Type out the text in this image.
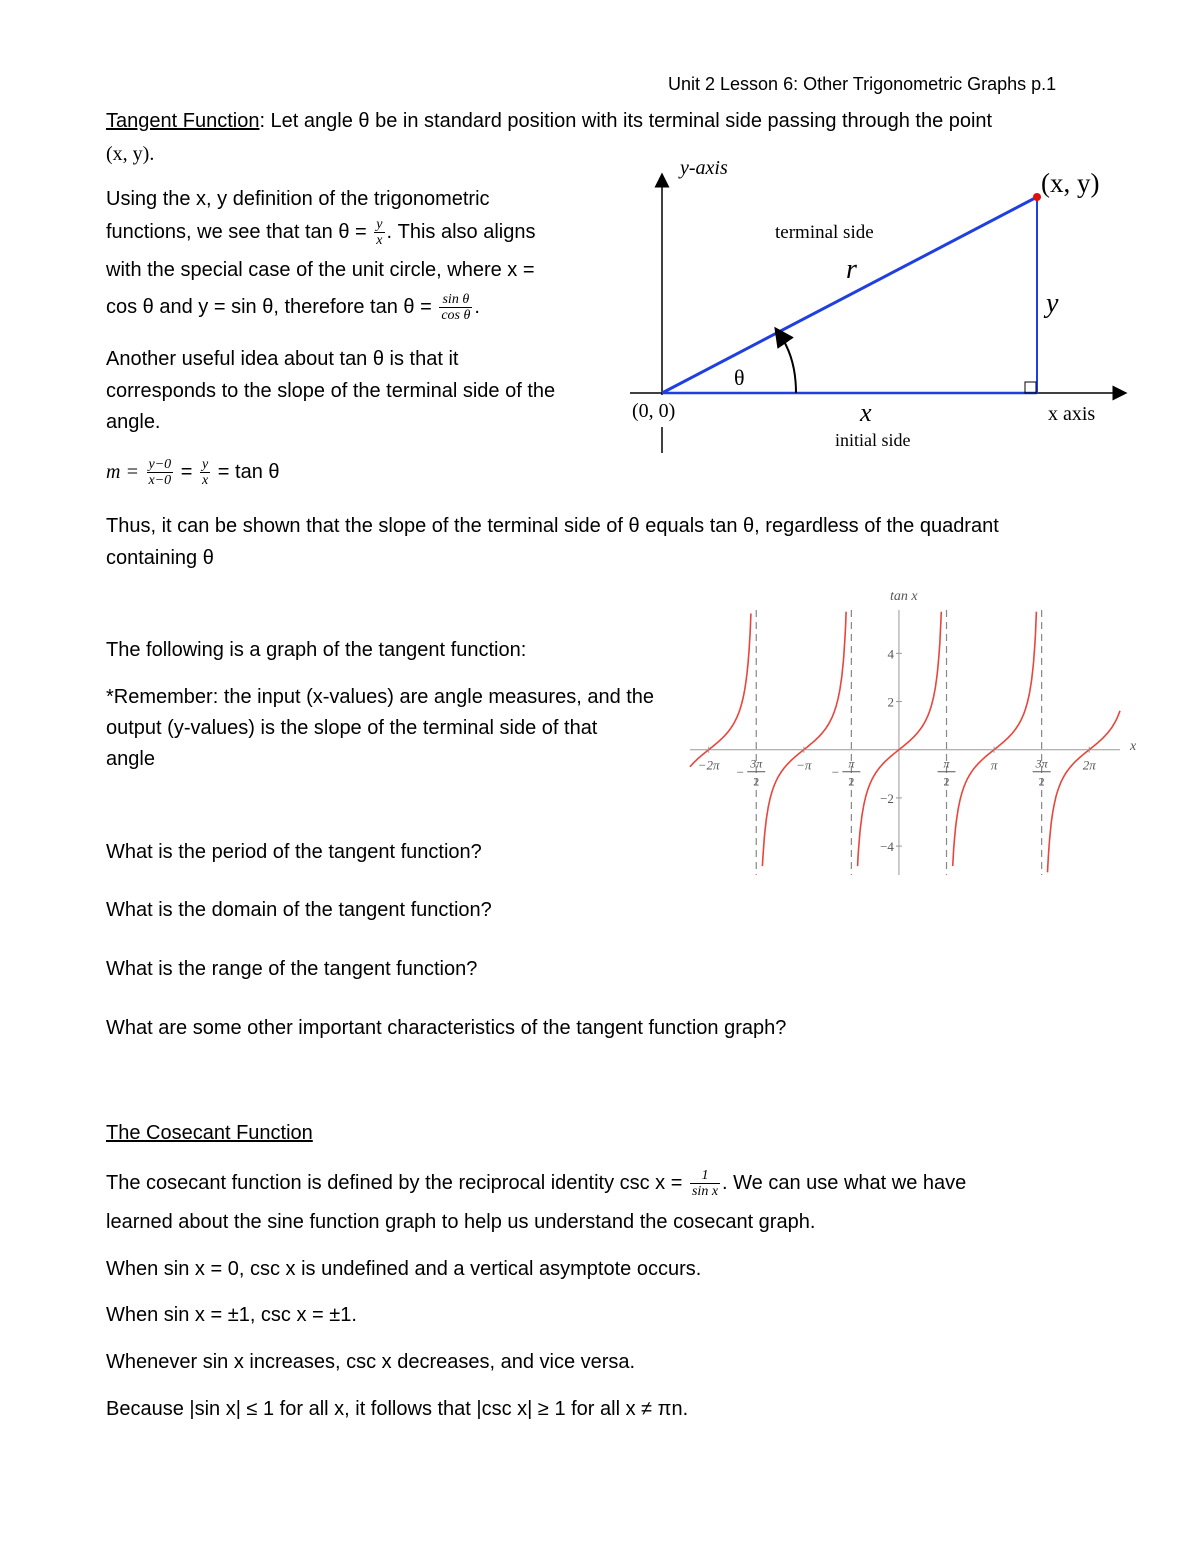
Unit 2 Lesson 6: Other Trigonometric Graphs p.1
Tangent Function: Let angle θ be in standard position with its terminal side passing through the point
(x, y).
Using the x, y definition of the trigonometric
functions, we see that $\tan \theta = \frac{y}{x}$ . This also aligns
with the special case of the unit circle, where x =
cos θ and y = sin θ, therefore $\tan \theta = \frac{\text{sin θ}}{\text{cos θ}}$ .
Another useful idea about tan θ is that it
corresponds to the slope of the terminal side of the
angle.
$m = \frac{y-0}{x-0} = \frac{y}{x} = \tan \theta$
Thus, it can be shown that the slope of the terminal side of θ equals tan θ, regardless of the quadrant
containing θ
y-axis	(x, y)
terminal side
r
y
θ
(0, 0)	x	x axis
initial side
The following is a graph of the tangent function:
*Remember: the input (x-values) are angle measures, and the
output (y-values) is the slope of the terminal side of that
angle
tan x
x
4
2
−2
−4
−2π	−π	π	2π
3π
2
−
π
2
−
π
2
3π
2
What is the period of the tangent function?
What is the domain of the tangent function?
What is the range of the tangent function?
What are some other important characteristics of the tangent function graph?
The Cosecant Function
The cosecant function is defined by the reciprocal identity $\csc x = \frac{1}{\text{sin x}}$ . We can use what we have
learned about the sine function graph to help us understand the cosecant graph.
When sin x = 0, csc x is undefined and a vertical asymptote occurs.
When sin x = ±1, csc x = ±1.
Whenever sin x increases, csc x decreases, and vice versa.
Because |sin x| ≤ 1 for all x, it follows that |csc x| ≥ 1 for all x ≠ πn.
